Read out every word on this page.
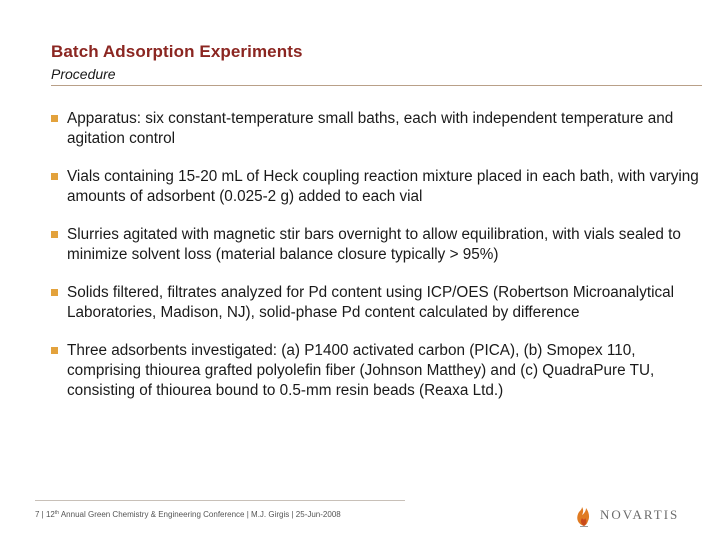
Batch Adsorption Experiments
Procedure
Apparatus: six constant-temperature small baths, each with independent temperature and agitation control
Vials containing 15-20 mL of Heck coupling reaction mixture placed in each bath, with varying amounts of adsorbent (0.025-2 g) added to each vial
Slurries agitated with magnetic stir bars overnight to allow equilibration, with vials sealed to minimize solvent loss (material balance closure typically > 95%)
Solids filtered, filtrates analyzed for Pd content using ICP/OES (Robertson Microanalytical Laboratories, Madison, NJ), solid-phase Pd content calculated by difference
Three adsorbents investigated: (a) P1400 activated carbon (PICA), (b) Smopex 110, comprising thiourea grafted polyolefin fiber (Johnson Matthey) and (c) QuadraPure TU, consisting of thiourea bound to 0.5-mm resin beads (Reaxa Ltd.)
7 | 12th Annual Green Chemistry & Engineering Conference | M.J. Girgis | 25-Jun-2008	NOVARTIS
